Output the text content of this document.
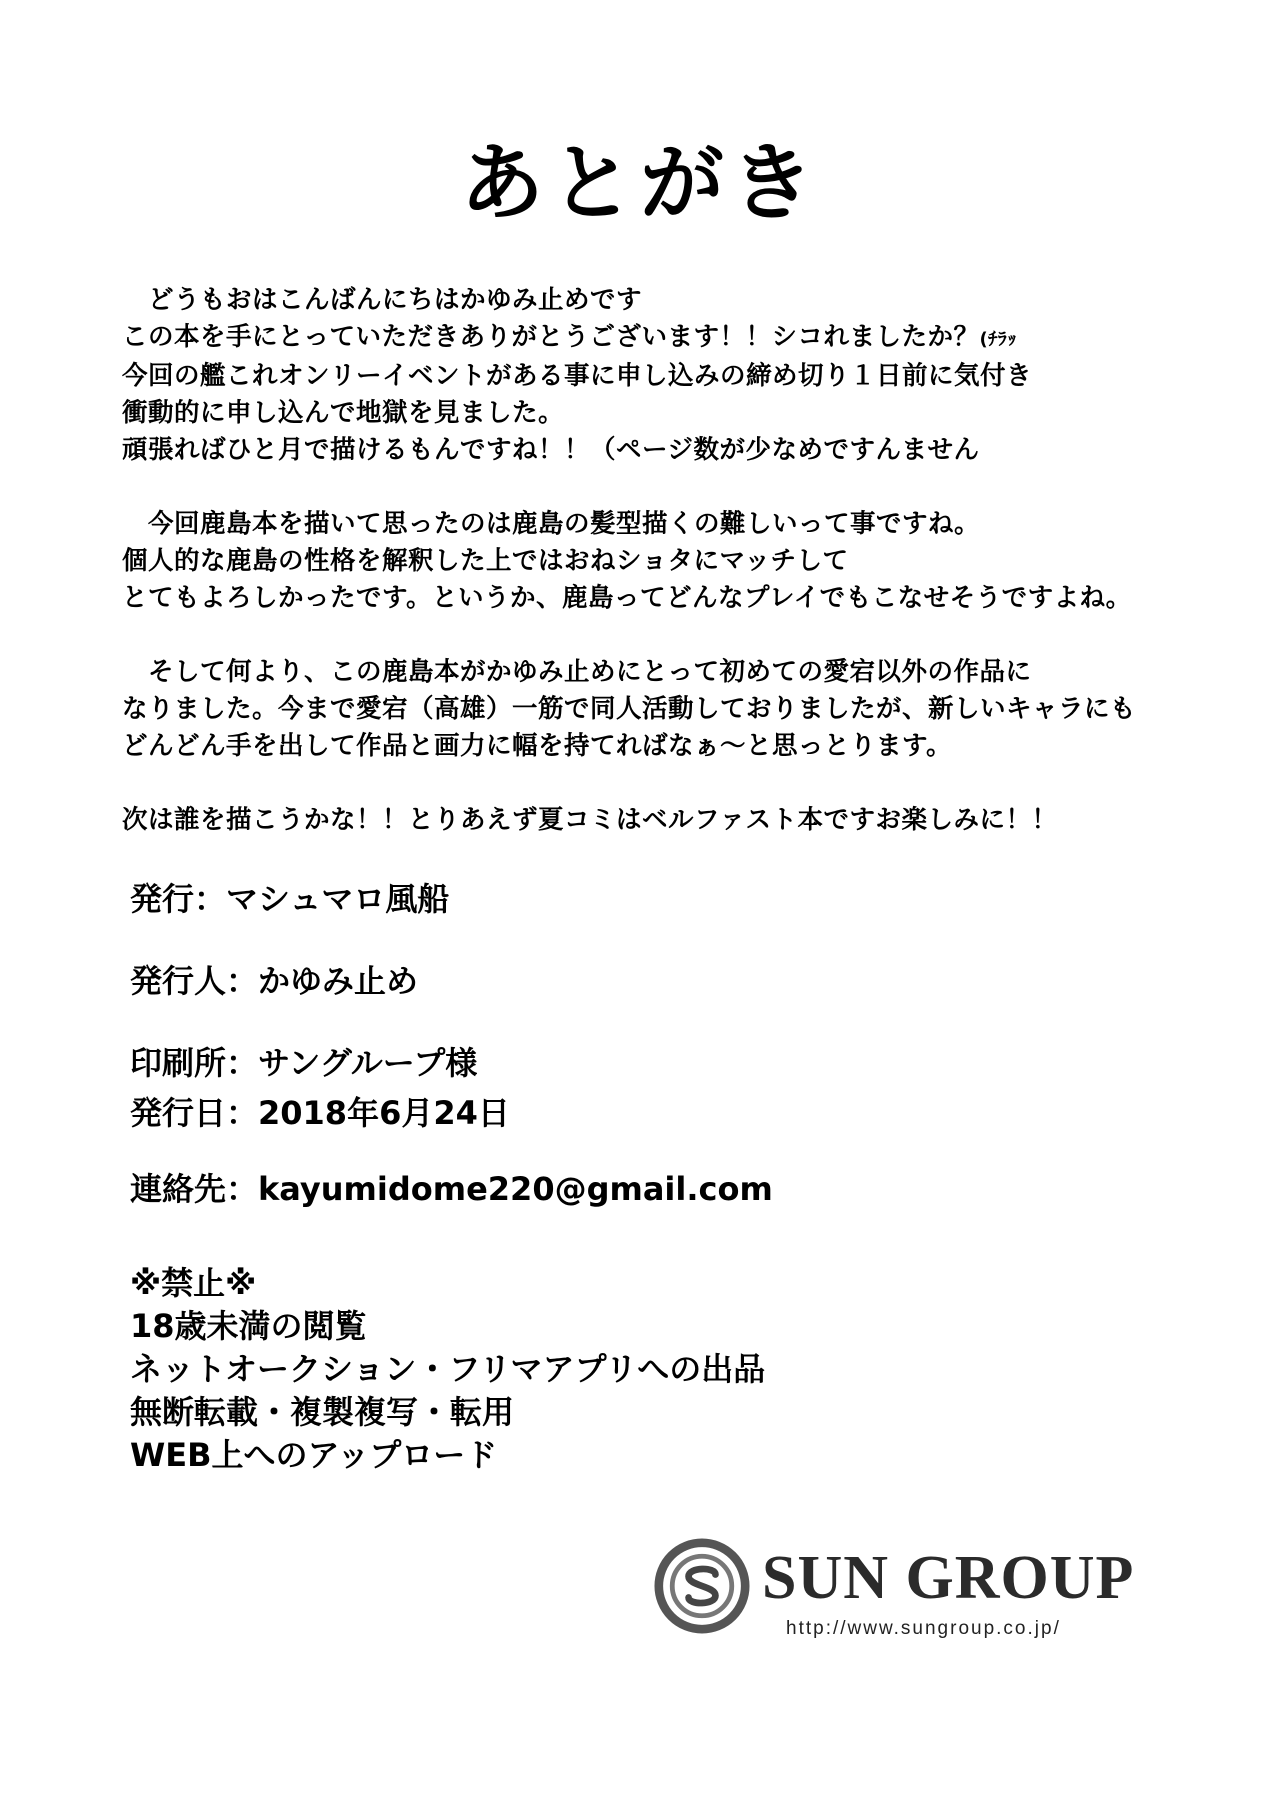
あとがき
　どうもおはこんばんにちはかゆみ止めです
この本を手にとっていただきありがとうございます！！シコれましたか？(ﾁﾗｯ
今回の艦これオンリーイベントがある事に申し込みの締め切り１日前に気付き
衝動的に申し込んで地獄を見ました。
頑張ればひと月で描けるもんですね！！（ページ数が少なめですんません
　今回鹿島本を描いて思ったのは鹿島の髪型描くの難しいって事ですね。
個人的な鹿島の性格を解釈した上ではおねショタにマッチして
とてもよろしかったです。というか、鹿島ってどんなプレイでもこなせそうですよね。
　そして何より、この鹿島本がかゆみ止めにとって初めての愛宕以外の作品に
なりました。今まで愛宕（高雄）一筋で同人活動しておりましたが、新しいキャラにも
どんどん手を出して作品と画力に幅を持てればなぁ〜と思っとります。
次は誰を描こうかな！！とりあえず夏コミはベルファスト本ですお楽しみに！！
発行：マシュマロ風船
発行人：かゆみ止め
印刷所：サングループ様
発行日：2018年6月24日
連絡先：kayumidome220@gmail.com
※禁止※
18歳未満の閲覧
ネットオークション・フリマアプリへの出品
無断転載・複製複写・転用
WEB上へのアップロード
SUN GROUP
http://www.sungroup.co.jp/
